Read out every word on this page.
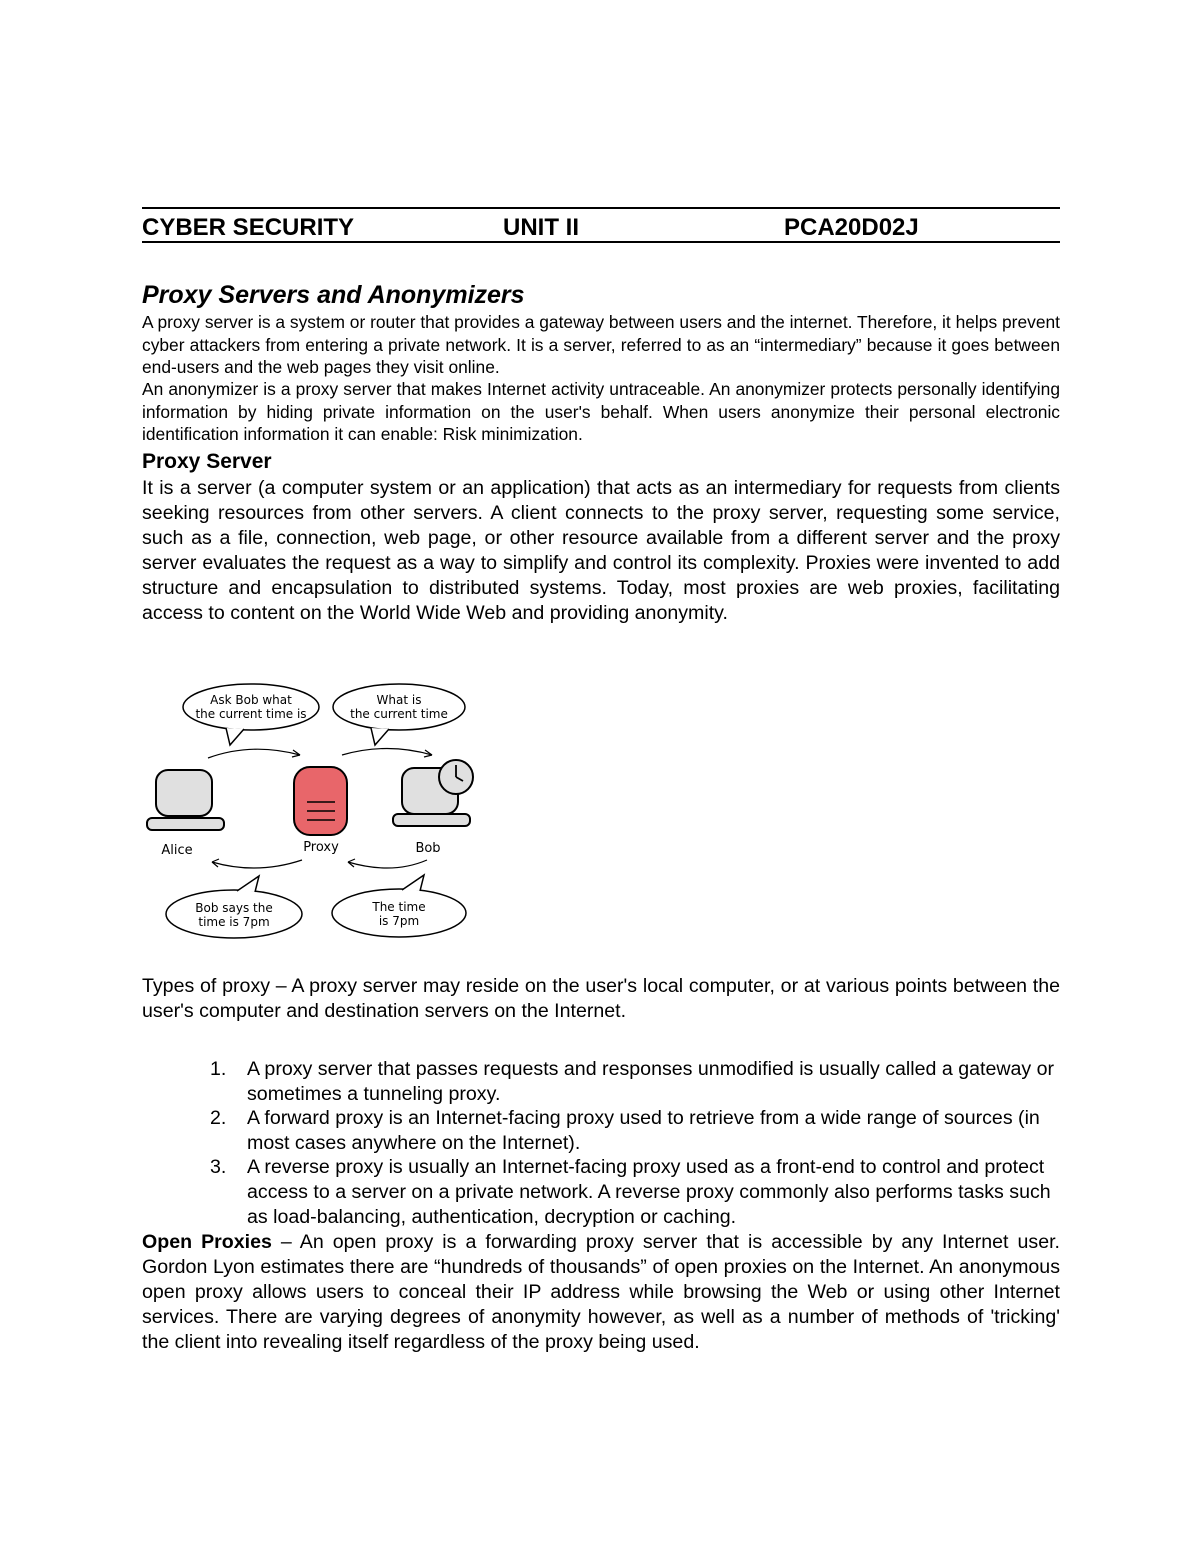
CYBER SECURITY	UNIT II	PCA20D02J
Proxy Servers and Anonymizers

A proxy server is a system or router that provides a gateway between users and the internet. Therefore, it helps prevent cyber attackers from entering a private network. It is a server, referred to as an “intermediary” because it goes between end-users and the web pages they visit online.

An anonymizer is a proxy server that makes Internet activity untraceable. An anonymizer protects personally identifying information by hiding private information on the user's behalf. When users anonymize their personal electronic identification information it can enable: Risk minimization.

Proxy Server

It is a server (a computer system or an application) that acts as an intermediary for requests from clients seeking resources from other servers. A client connects to the proxy server, requesting some service, such as a file, connection, web page, or other resource available from a different server and the proxy server evaluates the request as a way to simplify and control its complexity. Proxies were invented to add structure and encapsulation to distributed systems. Today, most proxies are web proxies, facilitating access to content on the World Wide Web and providing anonymity.

Ask Bob what
the current time is
What is
the current time
Alice	Proxy	Bob
Bob says the
time is 7pm
The time
is 7pm

Types of proxy – A proxy server may reside on the user's local computer, or at various points between the user's computer and destination servers on the Internet.

1. A proxy server that passes requests and responses unmodified is usually called a gateway or sometimes a tunneling proxy.
2. A forward proxy is an Internet-facing proxy used to retrieve from a wide range of sources (in most cases anywhere on the Internet).
3. A reverse proxy is usually an Internet-facing proxy used as a front-end to control and protect access to a server on a private network. A reverse proxy commonly also performs tasks such as load-balancing, authentication, decryption or caching.

Open Proxies – An open proxy is a forwarding proxy server that is accessible by any Internet user. Gordon Lyon estimates there are “hundreds of thousands” of open proxies on the Internet. An anonymous open proxy allows users to conceal their IP address while browsing the Web or using other Internet services. There are varying degrees of anonymity however, as well as a number of methods of 'tricking' the client into revealing itself regardless of the proxy being used.
